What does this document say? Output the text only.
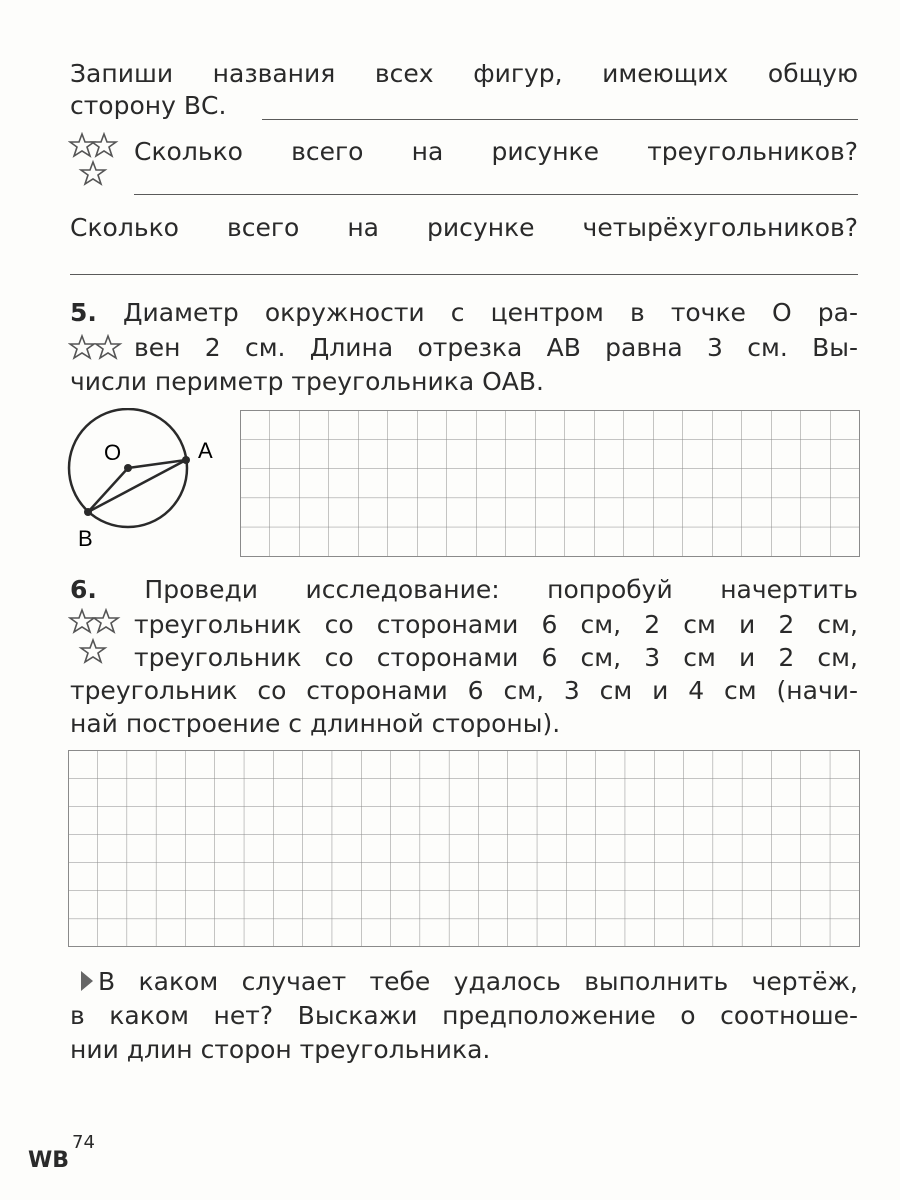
Запиши названия всех фигур, имеющих общую
сторону ВС.
Сколько всего на рисунке треугольников?
Сколько всего на рисунке четырёхугольников?
5. Диаметр окружности с центром в точке О ра-
вен 2 см. Длина отрезка АВ равна 3 см. Вы-
числи периметр треугольника ОАВ.
O	A
B
6. Проведи исследование: попробуй начертить
треугольник со сторонами 6 см, 2 см и 2 см,
треугольник со сторонами 6 см, 3 см и 2 см,
треугольник со сторонами 6 см, 3 см и 4 см (начи-
най построение с длинной стороны).
В каком случает тебе удалось выполнить чертёж,
в каком нет? Выскажи предположение о соотноше-
нии длин сторон треугольника.
WB
74
